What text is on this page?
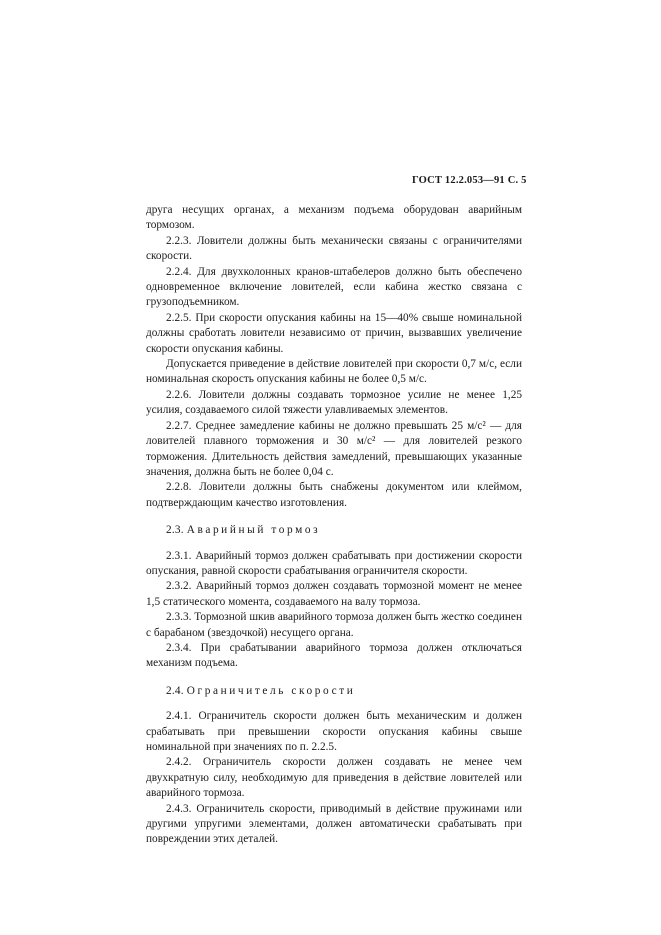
ГОСТ 12.2.053—91 С. 5

друга несущих органах, а механизм подъема оборудован аварийным тормозом.

2.2.3. Ловители должны быть механически связаны с ограничителями скорости.

2.2.4. Для двухколонных кранов-штабелеров должно быть обеспечено одновременное включение ловителей, если кабина жестко связана с грузоподъемником.

2.2.5. При скорости опускания кабины на 15—40% свыше номинальной должны сработать ловители независимо от причин, вызвавших увеличение скорости опускания кабины.

Допускается приведение в действие ловителей при скорости 0,7 м/с, если номинальная скорость опускания кабины не более 0,5 м/с.

2.2.6. Ловители должны создавать тормозное усилие не менее 1,25 усилия, создаваемого силой тяжести улавливаемых элементов.

2.2.7. Среднее замедление кабины не должно превышать 25 м/с² — для ловителей плавного торможения и 30 м/с² — для ловителей резкого торможения. Длительность действия замедлений, превышающих указанные значения, должна быть не более 0,04 с.

2.2.8. Ловители должны быть снабжены документом или клеймом, подтверждающим качество изготовления.

2.3. Аварийный тормоз

2.3.1. Аварийный тормоз должен срабатывать при достижении скорости опускания, равной скорости срабатывания ограничителя скорости.

2.3.2. Аварийный тормоз должен создавать тормозной момент не менее 1,5 статического момента, создаваемого на валу тормоза.

2.3.3. Тормозной шкив аварийного тормоза должен быть жестко соединен с барабаном (звездочкой) несущего органа.

2.3.4. При срабатывании аварийного тормоза должен отключаться механизм подъема.

2.4. Ограничитель скорости

2.4.1. Ограничитель скорости должен быть механическим и должен срабатывать при превышении скорости опускания кабины свыше номинальной при значениях по п. 2.2.5.

2.4.2. Ограничитель скорости должен создавать не менее чем двухкратную силу, необходимую для приведения в действие ловителей или аварийного тормоза.

2.4.3. Ограничитель скорости, приводимый в действие пружинами или другими упругими элементами, должен автоматически срабатывать при повреждении этих деталей.
